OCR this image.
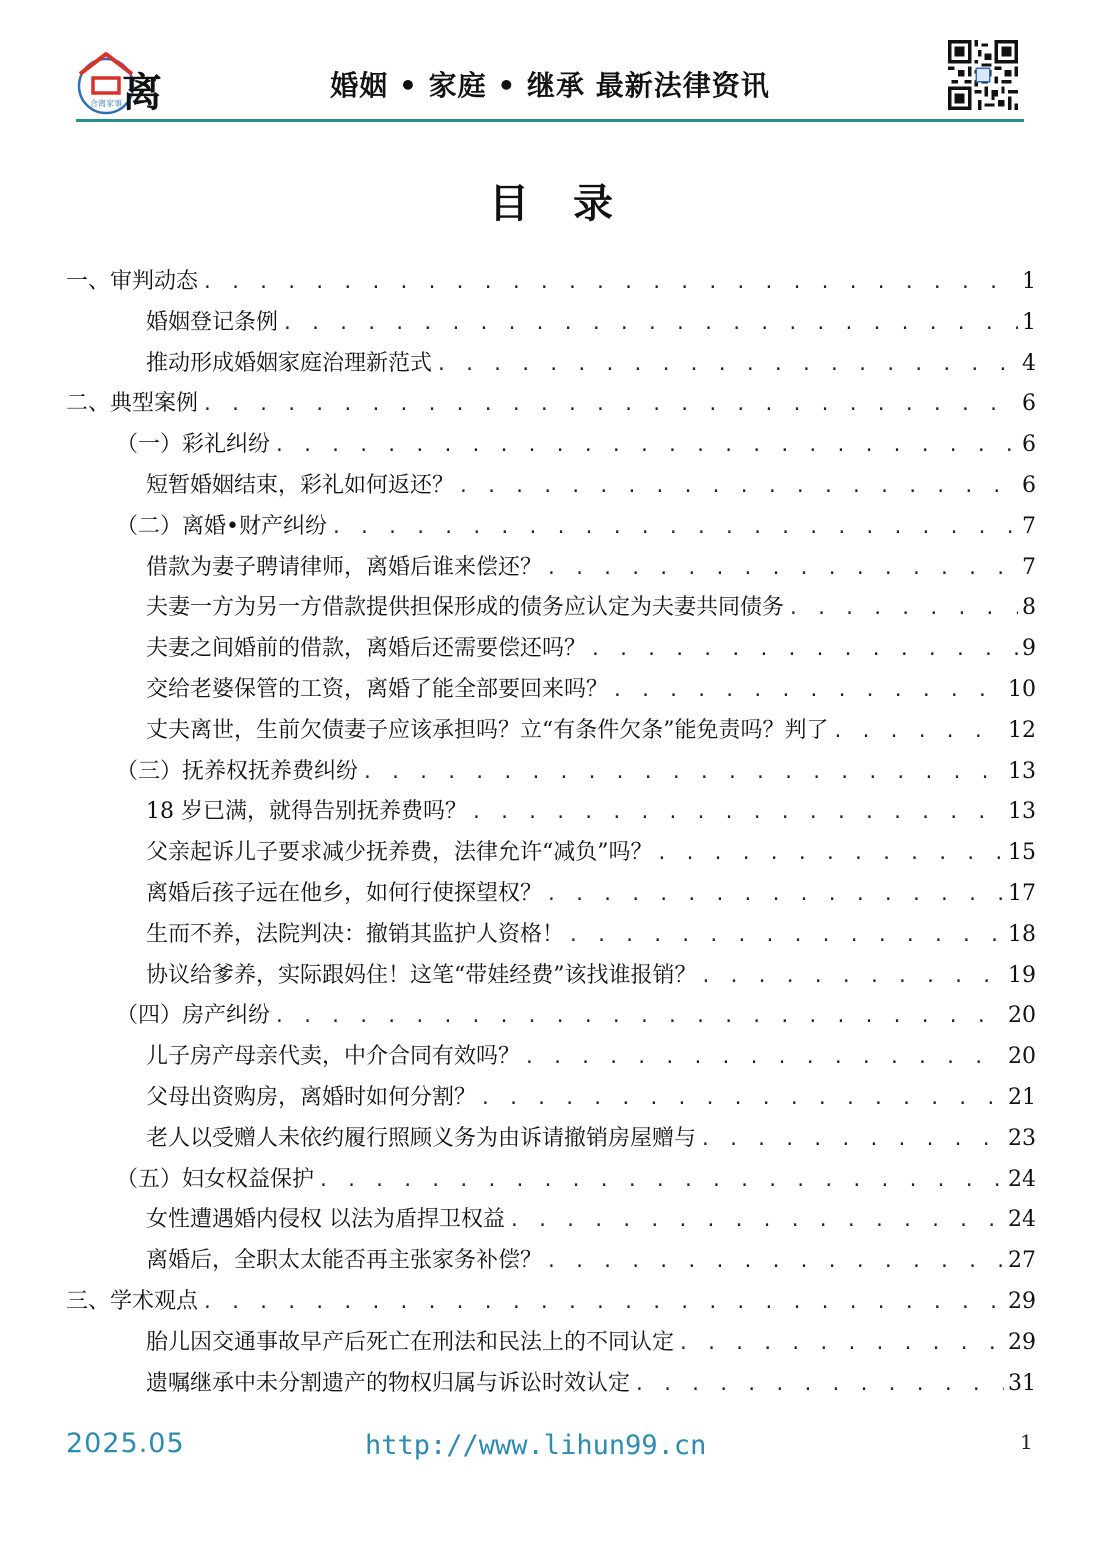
合离家事 离	婚姻 • 家庭 • 继承 最新法律资讯
目录
一、审判动态 . . .	1
婚姻登记条例 . . .	1
推动形成婚姻家庭治理新范式 . . .	4
二、典型案例 . . .	6
（一）彩礼纠纷 . . .	6
短暂婚姻结束，彩礼如何返还？ . . .	6
（二）离婚•财产纠纷 . . .	7
借款为妻子聘请律师，离婚后谁来偿还？ . . .	7
夫妻一方为另一方借款提供担保形成的债务应认定为夫妻共同债务 . . .	8
夫妻之间婚前的借款，离婚后还需要偿还吗？ . . .	9
交给老婆保管的工资，离婚了能全部要回来吗？ . . .	10
丈夫离世，生前欠债妻子应该承担吗？立“有条件欠条”能免责吗？判了 . . .	12
（三）抚养权抚养费纠纷 . . .	13
18 岁已满，就得告别抚养费吗？ . . .	13
父亲起诉儿子要求减少抚养费，法律允许“减负”吗？ . . .	15
离婚后孩子远在他乡，如何行使探望权？ . . .	17
生而不养，法院判决：撤销其监护人资格！ . . .	18
协议给爹养，实际跟妈住！这笔“带娃经费”该找谁报销？ . . .	19
（四）房产纠纷 . . .	20
儿子房产母亲代卖，中介合同有效吗？ . . .	20
父母出资购房，离婚时如何分割？ . . .	21
老人以受赠人未依约履行照顾义务为由诉请撤销房屋赠与 . . .	23
（五）妇女权益保护 . . .	24
女性遭遇婚内侵权 以法为盾捍卫权益 . . .	24
离婚后，全职太太能否再主张家务补偿？ . . .	27
三、学术观点 . . .	29
胎儿因交通事故早产后死亡在刑法和民法上的不同认定 . . .	29
遗嘱继承中未分割遗产的物权归属与诉讼时效认定 . . .	31
2025.05	http://www.lihun99.cn	1
